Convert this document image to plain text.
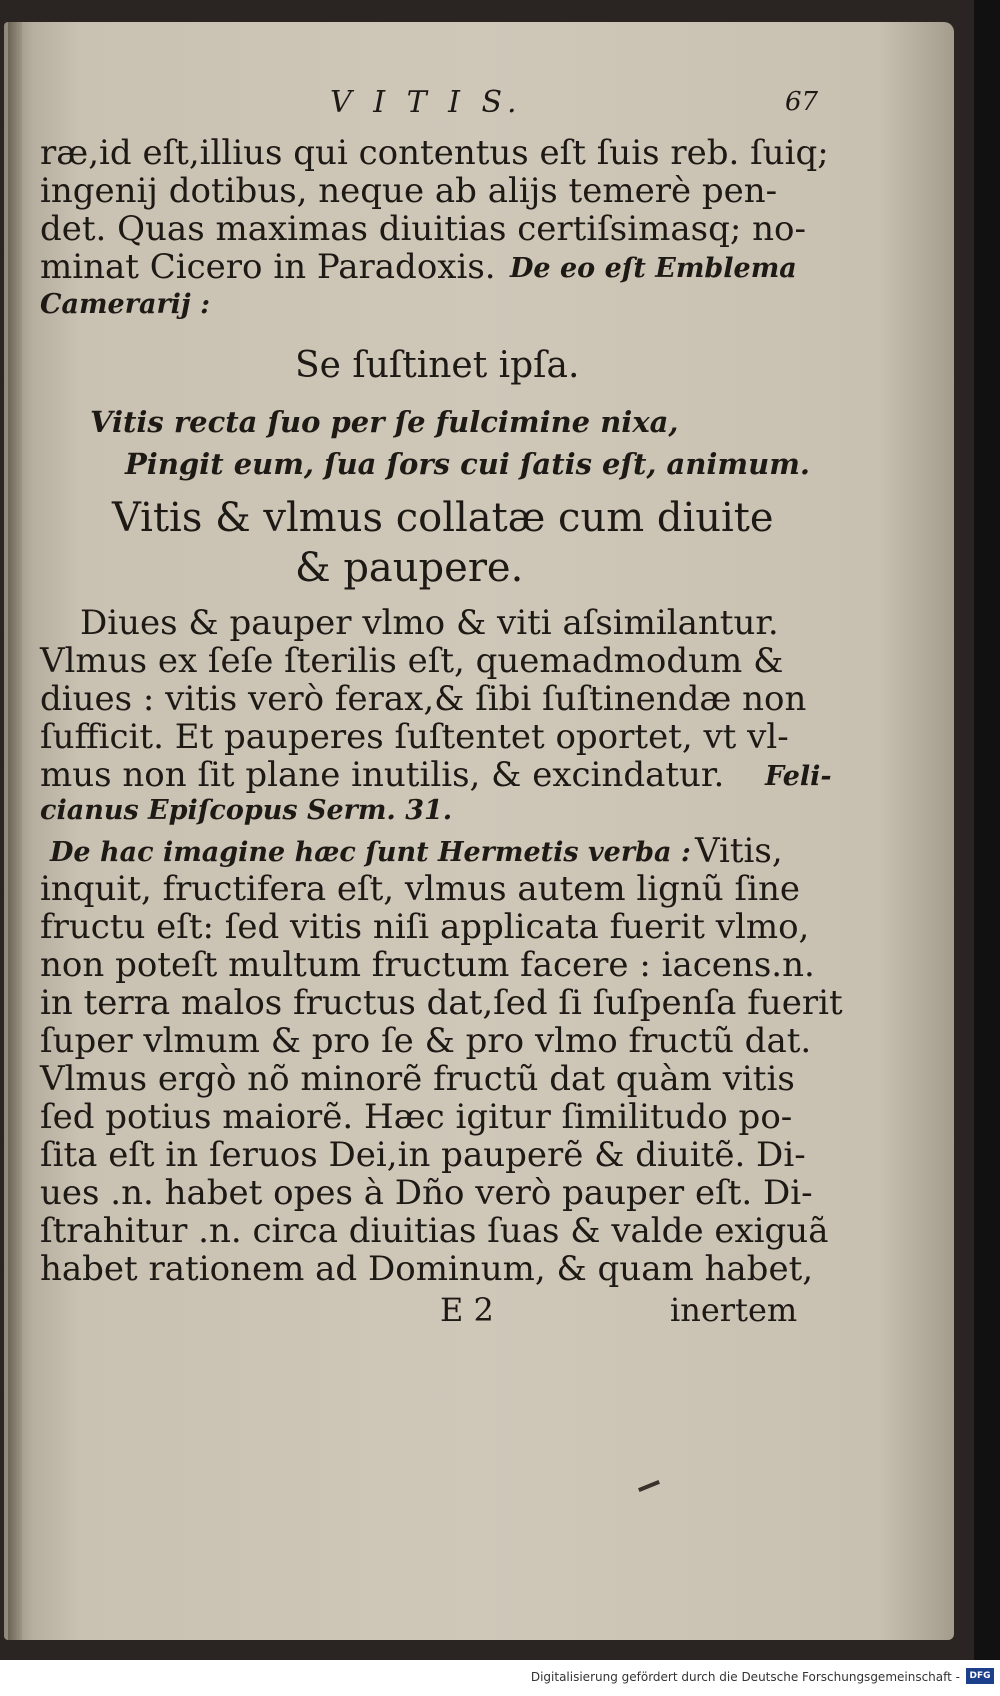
V I T I S.	67
ræ,id eſt,illius qui contentus eſt ſuis reb. ſuiq;
ingenij dotibus, neque ab alijs temerè pen-
det. Quas maximas diuitias certiſsimasq; no-
minat Cicero in Paradoxis. De eo eſt Emblema
Camerarij :
Se ſuſtinet ipſa.
Vitis recta ſuo per ſe fulcimine nixa,
Pingit eum, ſua ſors cui ſatis eſt, animum.
Vitis & vlmus collatæ cum diuite
& paupere.
Diues & pauper vlmo & viti aſsimilantur.
Vlmus ex ſeſe ſterilis eſt, quemadmodum &
diues : vitis verò ferax,& ſibi ſuſtinendæ non
ſufficit. Et pauperes ſuſtentet oportet, vt vl-
mus non ſit plane inutilis, & excindatur. Feli-
cianus Epiſcopus Serm. 31.
De hac imagine hæc ſunt Hermetis verba : Vitis,
inquit, fructifera eſt, vlmus autem lignũ ſine
fructu eſt: ſed vitis niſi applicata fuerit vlmo,
non poteſt multum fructum facere : iacens.n.
in terra malos fructus dat,ſed ſi ſuſpenſa fuerit
ſuper vlmum & pro ſe & pro vlmo fructũ dat.
Vlmus ergò nõ minorẽ fructũ dat quàm vitis
ſed potius maiorẽ. Hæc igitur ſimilitudo po-
ſita eſt in ſeruos Dei,in pauperẽ & diuitẽ. Di-
ues .n. habet opes à Dño verò pauper eſt. Di-
ſtrahitur .n. circa diuitias ſuas & valde exiguã
habet rationem ad Dominum, & quam habet,
E 2	inertem
Digitalisierung gefördert durch die Deutsche Forschungsgemeinschaft -	DFG
